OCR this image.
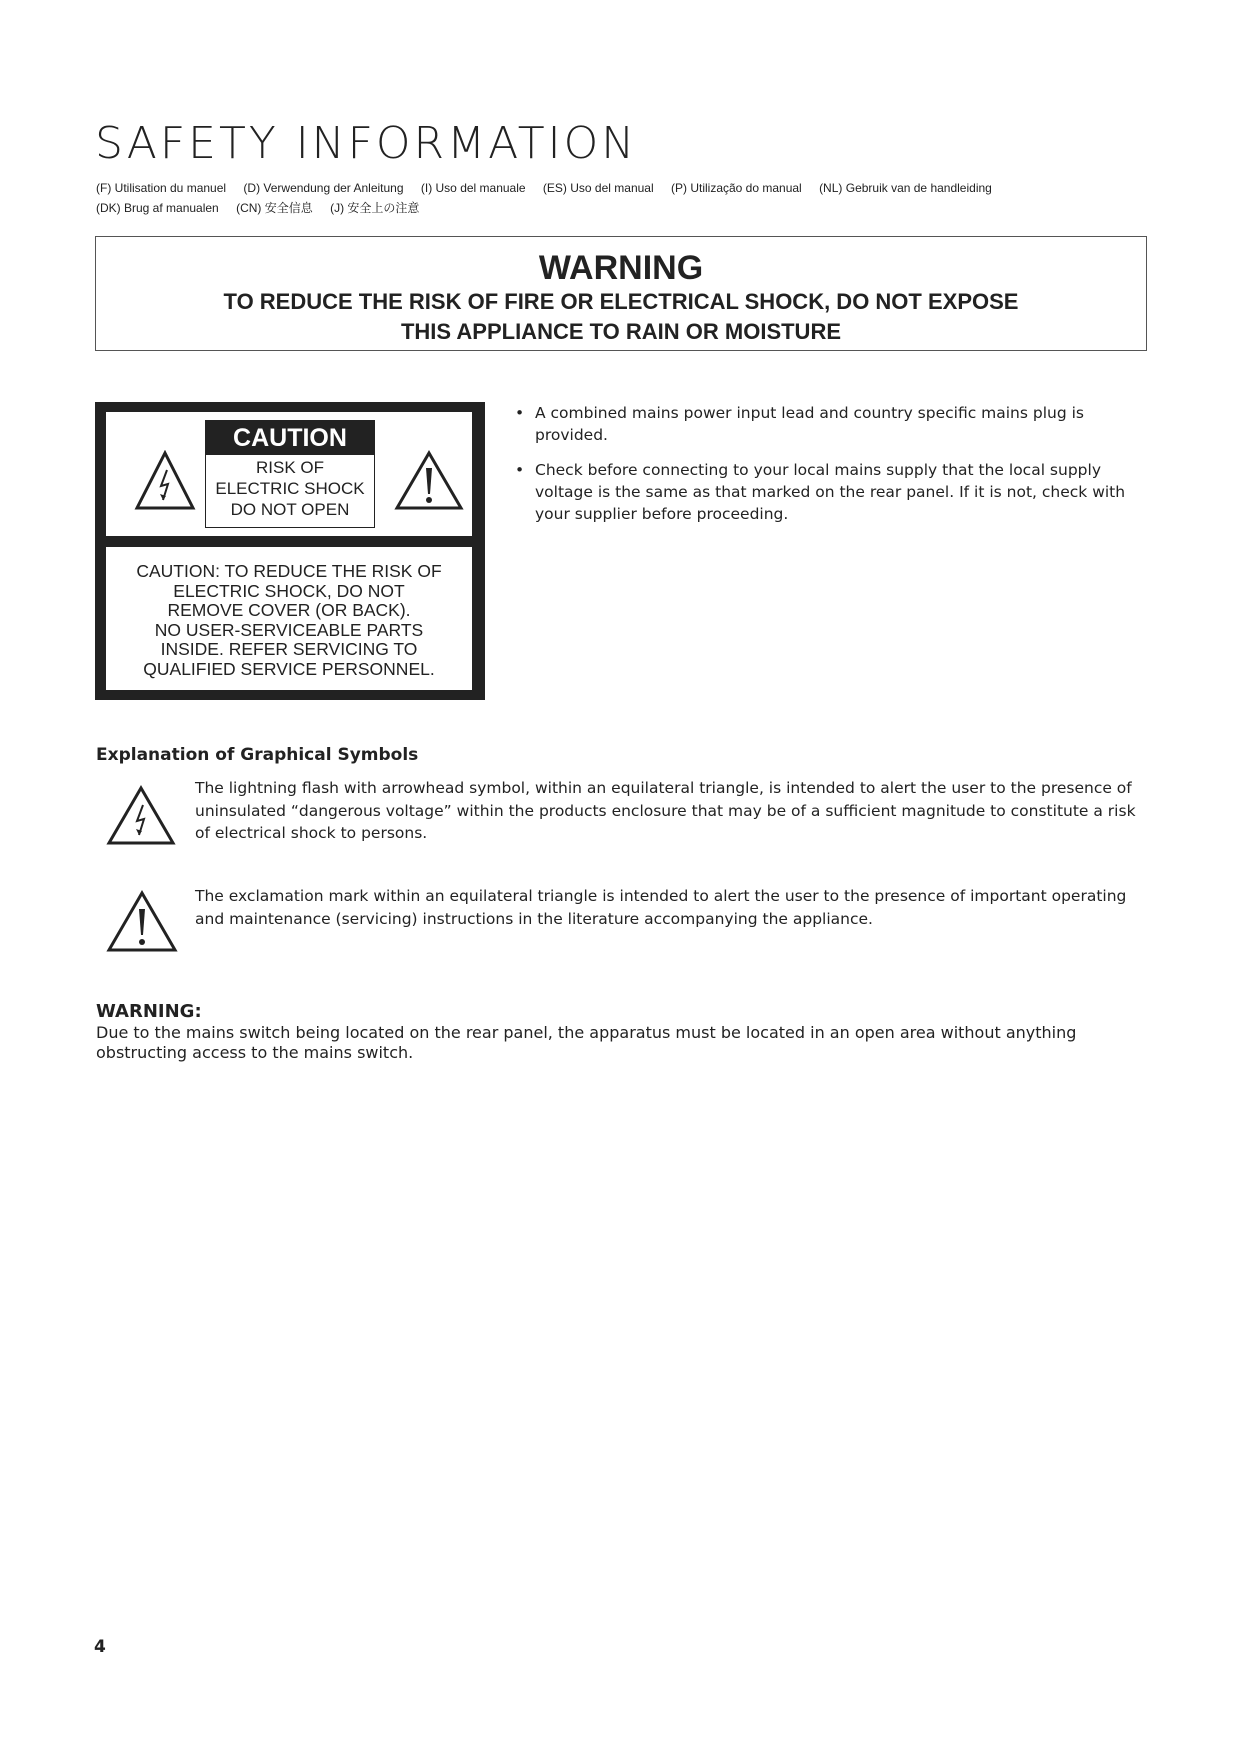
SAFETY INFORMATION
(F) Utilisation du manuel (D) Verwendung der Anleitung (I) Uso del manuale (ES) Uso del manual (P) Utilização do manual (NL) Gebruik van de handleiding
(DK) Brug af manualen (CN) 安全信息 (J) 安全上の注意
WARNING
TO REDUCE THE RISK OF FIRE OR ELECTRICAL SHOCK, DO NOT EXPOSE
THIS APPLIANCE TO RAIN OR MOISTURE
CAUTION
RISK OF
ELECTRIC SHOCK
DO NOT OPEN
CAUTION: TO REDUCE THE RISK OF
ELECTRIC SHOCK, DO NOT
REMOVE COVER (OR BACK).
NO USER-SERVICEABLE PARTS
INSIDE. REFER SERVICING TO
QUALIFIED SERVICE PERSONNEL.
• A combined mains power input lead and country specific mains plug is provided.
• Check before connecting to your local mains supply that the local supply voltage is the same as that marked on the rear panel. If it is not, check with your supplier before proceeding.
Explanation of Graphical Symbols
The lightning flash with arrowhead symbol, within an equilateral triangle, is intended to alert the user to the presence of uninsulated “dangerous voltage” within the products enclosure that may be of a sufficient magnitude to constitute a risk of electrical shock to persons.
The exclamation mark within an equilateral triangle is intended to alert the user to the presence of important operating and maintenance (servicing) instructions in the literature accompanying the appliance.
WARNING:
Due to the mains switch being located on the rear panel, the apparatus must be located in an open area without anything obstructing access to the mains switch.
4
